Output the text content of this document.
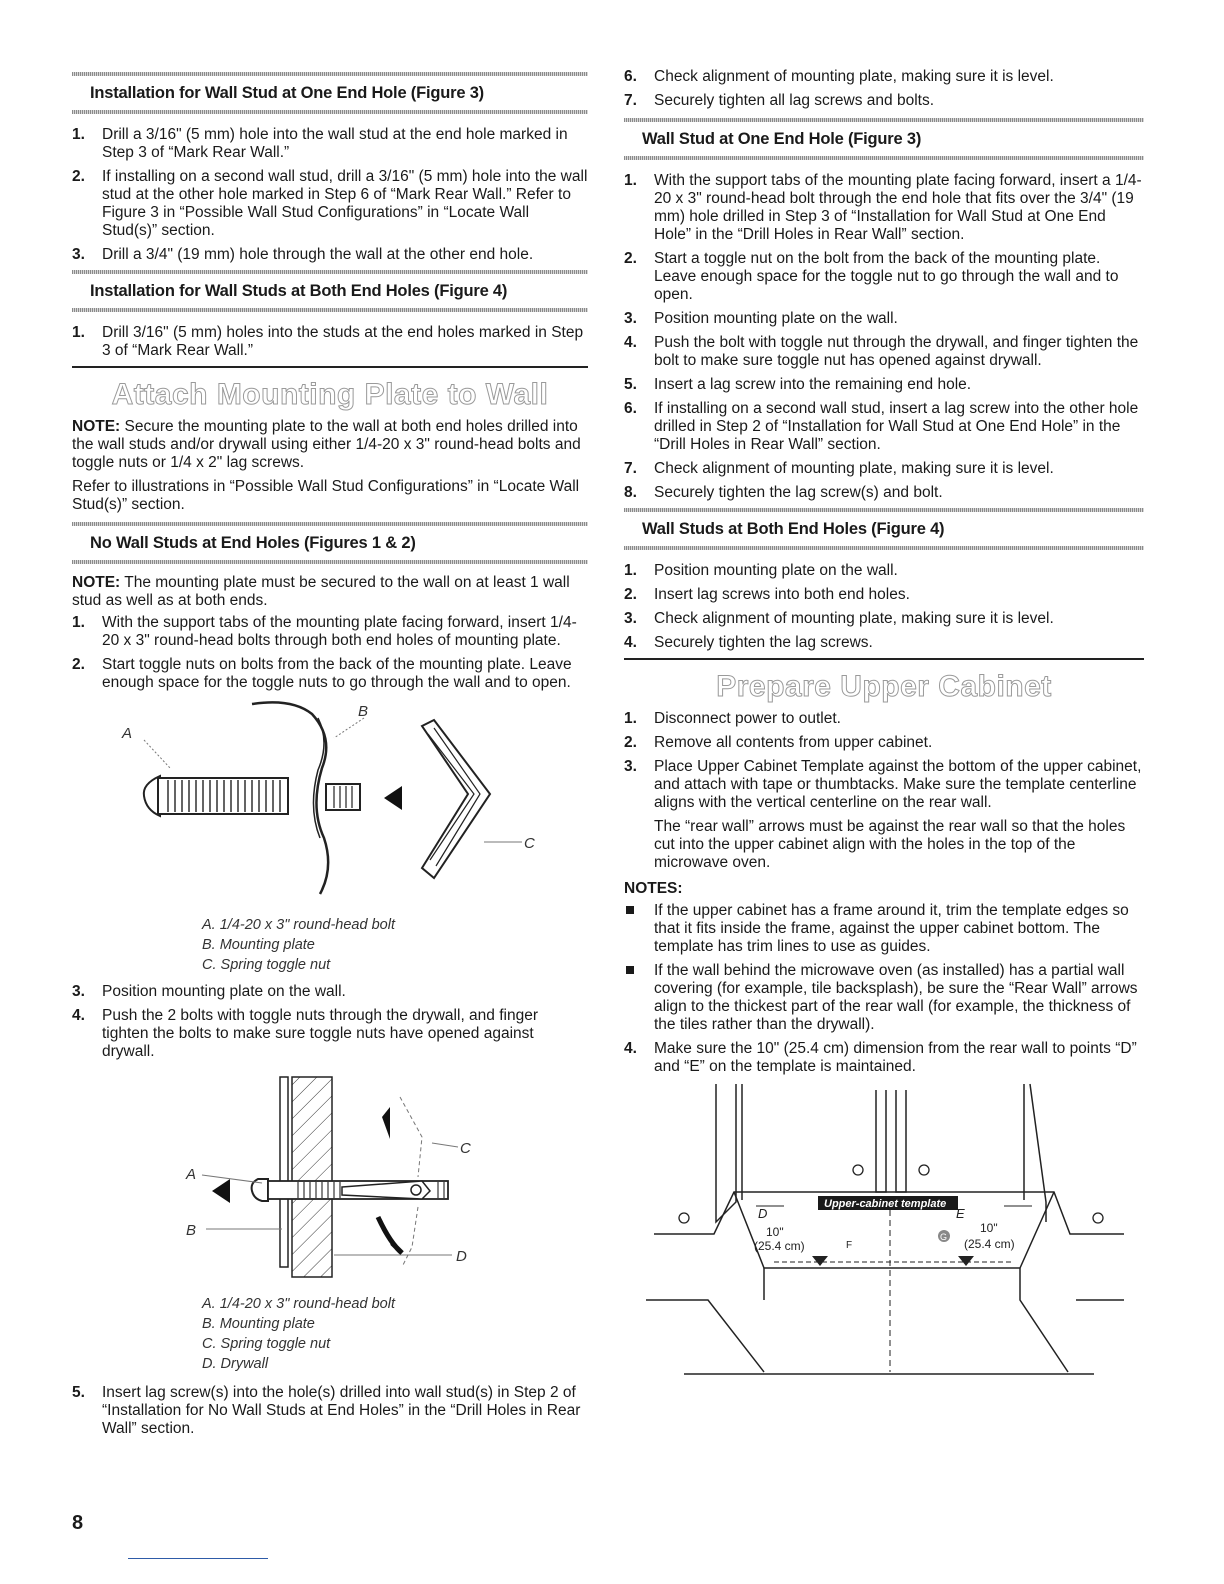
Installation for Wall Stud at One End Hole (Figure 3)
1. Drill a 3/16" (5 mm) hole into the wall stud at the end hole marked in Step 3 of “Mark Rear Wall.”
2. If installing on a second wall stud, drill a 3/16" (5 mm) hole into the wall stud at the other hole marked in Step 6 of “Mark Rear Wall.” Refer to Figure 3 in “Possible Wall Stud Configurations” in “Locate Wall Stud(s)” section.
3. Drill a 3/4" (19 mm) hole through the wall at the other end hole.
Installation for Wall Studs at Both End Holes (Figure 4)
1. Drill 3/16" (5 mm) holes into the studs at the end holes marked in Step 3 of “Mark Rear Wall.”
Attach Mounting Plate to Wall
NOTE: Secure the mounting plate to the wall at both end holes drilled into the wall studs and/or drywall using either 1/4-20 x 3" round-head bolts and toggle nuts or 1/4 x 2" lag screws.
Refer to illustrations in “Possible Wall Stud Configurations” in “Locate Wall Stud(s)” section.
No Wall Studs at End Holes (Figures 1 & 2)
NOTE: The mounting plate must be secured to the wall on at least 1 wall stud as well as at both ends.
1. With the support tabs of the mounting plate facing forward, insert 1/4-20 x 3" round-head bolts through both end holes of mounting plate.
2. Start toggle nuts on bolts from the back of the mounting plate. Leave enough space for the toggle nuts to go through the wall and to open.
A
B
C
A. 1/4-20 x 3" round-head bolt
B. Mounting plate
C. Spring toggle nut
3. Position mounting plate on the wall.
4. Push the 2 bolts with toggle nuts through the drywall, and finger tighten the bolts to make sure toggle nuts have opened against drywall.
A
B
C
D
A. 1/4-20 x 3" round-head bolt
B. Mounting plate
C. Spring toggle nut
D. Drywall
5. Insert lag screw(s) into the hole(s) drilled into wall stud(s) in Step 2 of “Installation for No Wall Studs at End Holes” in the “Drill Holes in Rear Wall” section.
6. Check alignment of mounting plate, making sure it is level.
7. Securely tighten all lag screws and bolts.
Wall Stud at One End Hole (Figure 3)
1. With the support tabs of the mounting plate facing forward, insert a 1/4-20 x 3" round-head bolt through the end hole that fits over the 3/4" (19 mm) hole drilled in Step 3 of “Installation for Wall Stud at One End Hole” in the “Drill Holes in Rear Wall” section.
2. Start a toggle nut on the bolt from the back of the mounting plate. Leave enough space for the toggle nut to go through the wall and to open.
3. Position mounting plate on the wall.
4. Push the bolt with toggle nut through the drywall, and finger tighten the bolt to make sure toggle nut has opened against drywall.
5. Insert a lag screw into the remaining end hole.
6. If installing on a second wall stud, insert a lag screw into the other hole drilled in Step 2 of “Installation for Wall Stud at One End Hole” in the “Drill Holes in Rear Wall” section.
7. Check alignment of mounting plate, making sure it is level.
8. Securely tighten the lag screw(s) and bolt.
Wall Studs at Both End Holes (Figure 4)
1. Position mounting plate on the wall.
2. Insert lag screws into both end holes.
3. Check alignment of mounting plate, making sure it is level.
4. Securely tighten the lag screws.
Prepare Upper Cabinet
1. Disconnect power to outlet.
2. Remove all contents from upper cabinet.
3. Place Upper Cabinet Template against the bottom of the upper cabinet, and attach with tape or thumbtacks. Make sure the template centerline aligns with the vertical centerline on the rear wall.
The “rear wall” arrows must be against the rear wall so that the holes cut into the upper cabinet align with the holes in the top of the microwave oven.
NOTES:
If the upper cabinet has a frame around it, trim the template edges so that it fits inside the frame, against the upper cabinet bottom. The template has trim lines to use as guides.
If the wall behind the microwave oven (as installed) has a partial wall covering (for example, tile backsplash), be sure the “Rear Wall” arrows align to the thickest part of the rear wall (for example, the thickness of the tiles rather than the drywall).
4. Make sure the 10" (25.4 cm) dimension from the rear wall to points “D” and “E” on the template is maintained.
Upper-cabinet template
D	E
F
G
10"
(25.4 cm)
10"
(25.4 cm)
8
